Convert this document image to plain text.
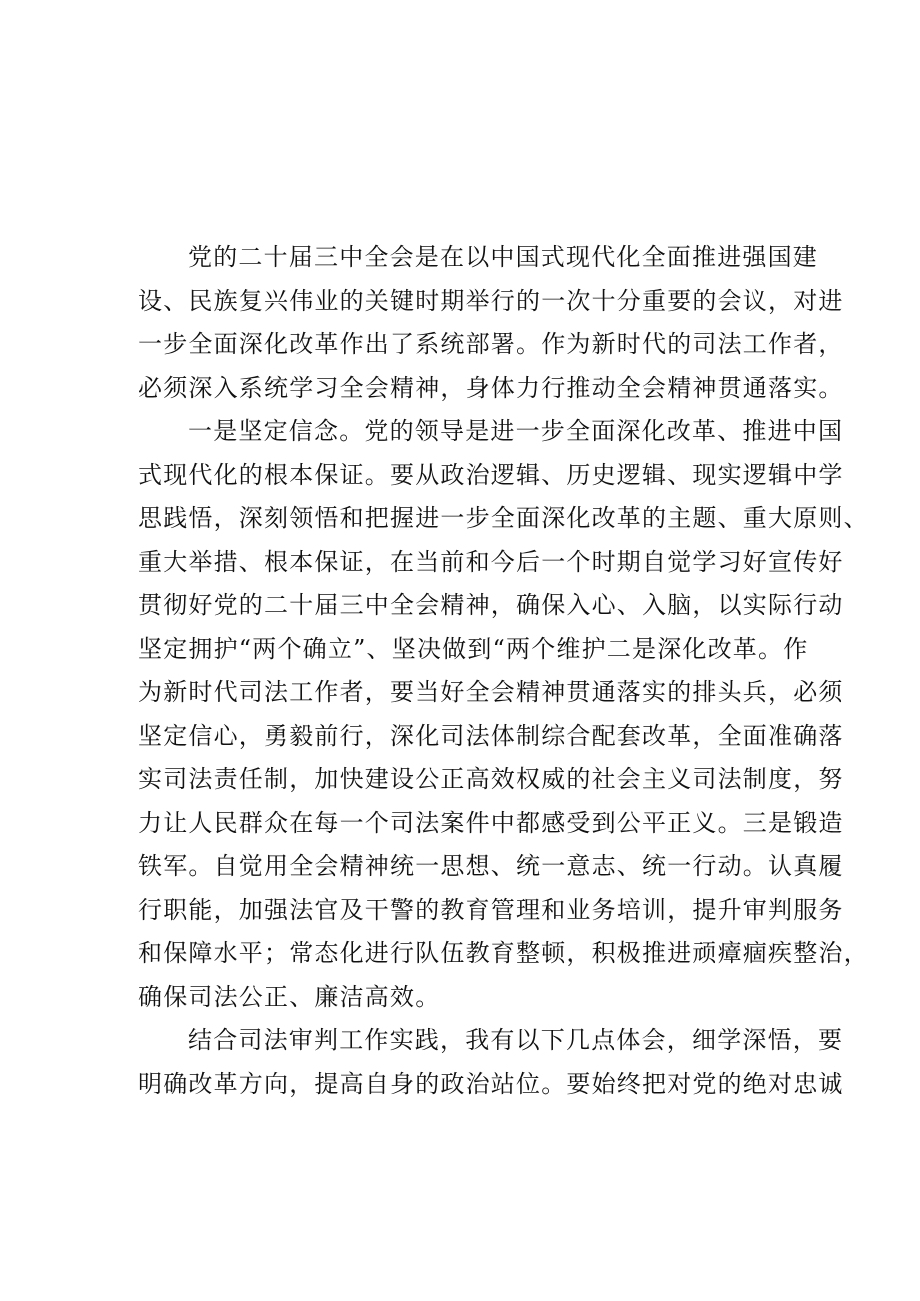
党的二十届三中全会是在以中国式现代化全面推进强国建
设、民族复兴伟业的关键时期举行的一次十分重要的会议，对进
一步全面深化改革作出了系统部署。作为新时代的司法工作者，
必须深入系统学习全会精神，身体力行推动全会精神贯通落实。
一是坚定信念。党的领导是进一步全面深化改革、推进中国
式现代化的根本保证。要从政治逻辑、历史逻辑、现实逻辑中学
思践悟，深刻领悟和把握进一步全面深化改革的主题、重大原则、
重大举措、根本保证，在当前和今后一个时期自觉学习好宣传好
贯彻好党的二十届三中全会精神，确保入心、入脑，以实际行动
坚定拥护“两个确立”、坚决做到“两个维护二是深化改革。作
为新时代司法工作者，要当好全会精神贯通落实的排头兵，必须
坚定信心，勇毅前行，深化司法体制综合配套改革，全面准确落
实司法责任制，加快建设公正高效权威的社会主义司法制度，努
力让人民群众在每一个司法案件中都感受到公平正义。三是锻造
铁军。自觉用全会精神统一思想、统一意志、统一行动。认真履
行职能，加强法官及干警的教育管理和业务培训，提升审判服务
和保障水平；常态化进行队伍教育整顿，积极推进顽瘴痼疾整治，
确保司法公正、廉洁高效。
结合司法审判工作实践，我有以下几点体会，细学深悟，要
明确改革方向，提高自身的政治站位。要始终把对党的绝对忠诚
